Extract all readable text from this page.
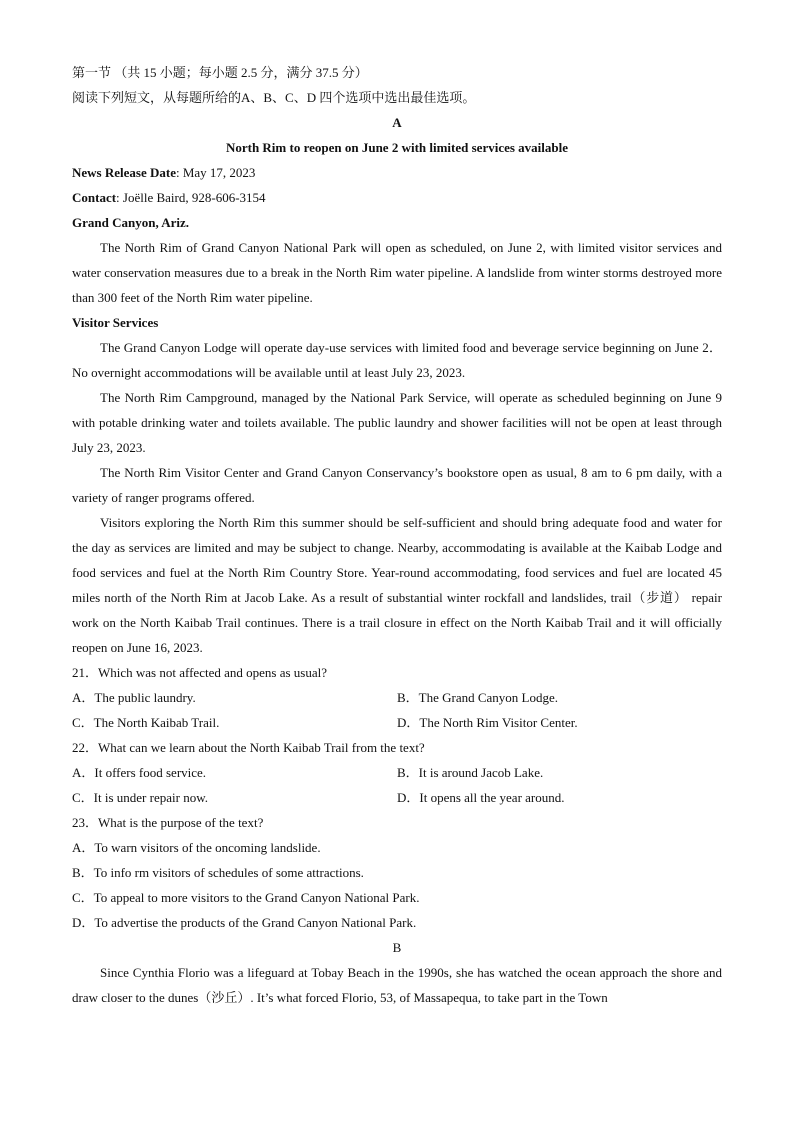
第一节 （共 15 小题；每小题 2.5 分，满分 37.5 分）
阅读下列短文，从每题所给的A、B、C、D 四个选项中选出最佳选项。
A
North Rim to reopen on June 2 with limited services available
News Release Date: May 17, 2023
Contact: Joëlle Baird, 928-606-3154
Grand Canyon, Ariz.
The North Rim of Grand Canyon National Park will open as scheduled, on June 2, with limited visitor services and water conservation measures due to a break in the North Rim water pipeline. A landslide from winter storms destroyed more than 300 feet of the North Rim water pipeline.
Visitor Services
The Grand Canyon Lodge will operate day-use services with limited food and beverage service beginning on June 2．No overnight accommodations will be available until at least July 23, 2023.
The North Rim Campground, managed by the National Park Service, will operate as scheduled beginning on June 9 with potable drinking water and toilets available. The public laundry and shower facilities will not be open at least through July 23, 2023.
The North Rim Visitor Center and Grand Canyon Conservancy’s bookstore open as usual, 8 am to 6 pm daily, with a variety of ranger programs offered.
Visitors exploring the North Rim this summer should be self-sufficient and should bring adequate food and water for the day as services are limited and may be subject to change. Nearby, accommodating is available at the Kaibab Lodge and food services and fuel at the North Rim Country Store. Year-round accommodating, food services and fuel are located 45 miles north of the North Rim at Jacob Lake. As a result of substantial winter rockfall and landslides, trail（步道） repair work on the North Kaibab Trail continues. There is a trail closure in effect on the North Kaibab Trail and it will officially reopen on June 16, 2023.
21．Which was not affected and opens as usual?
A．The public laundry.	B．The Grand Canyon Lodge.
C．The North Kaibab Trail.	D．The North Rim Visitor Center.
22．What can we learn about the North Kaibab Trail from the text?
A．It offers food service.	B．It is around Jacob Lake.
C．It is under repair now.	D．It opens all the year around.
23．What is the purpose of the text?
A．To warn visitors of the oncoming landslide.
B．To info rm visitors of schedules of some attractions.
C．To appeal to more visitors to the Grand Canyon National Park.
D．To advertise the products of the Grand Canyon National Park.
B
Since Cynthia Florio was a lifeguard at Tobay Beach in the 1990s, she has watched the ocean approach the shore and draw closer to the dunes（沙丘）. It’s what forced Florio, 53, of Massapequa, to take part in the Town
